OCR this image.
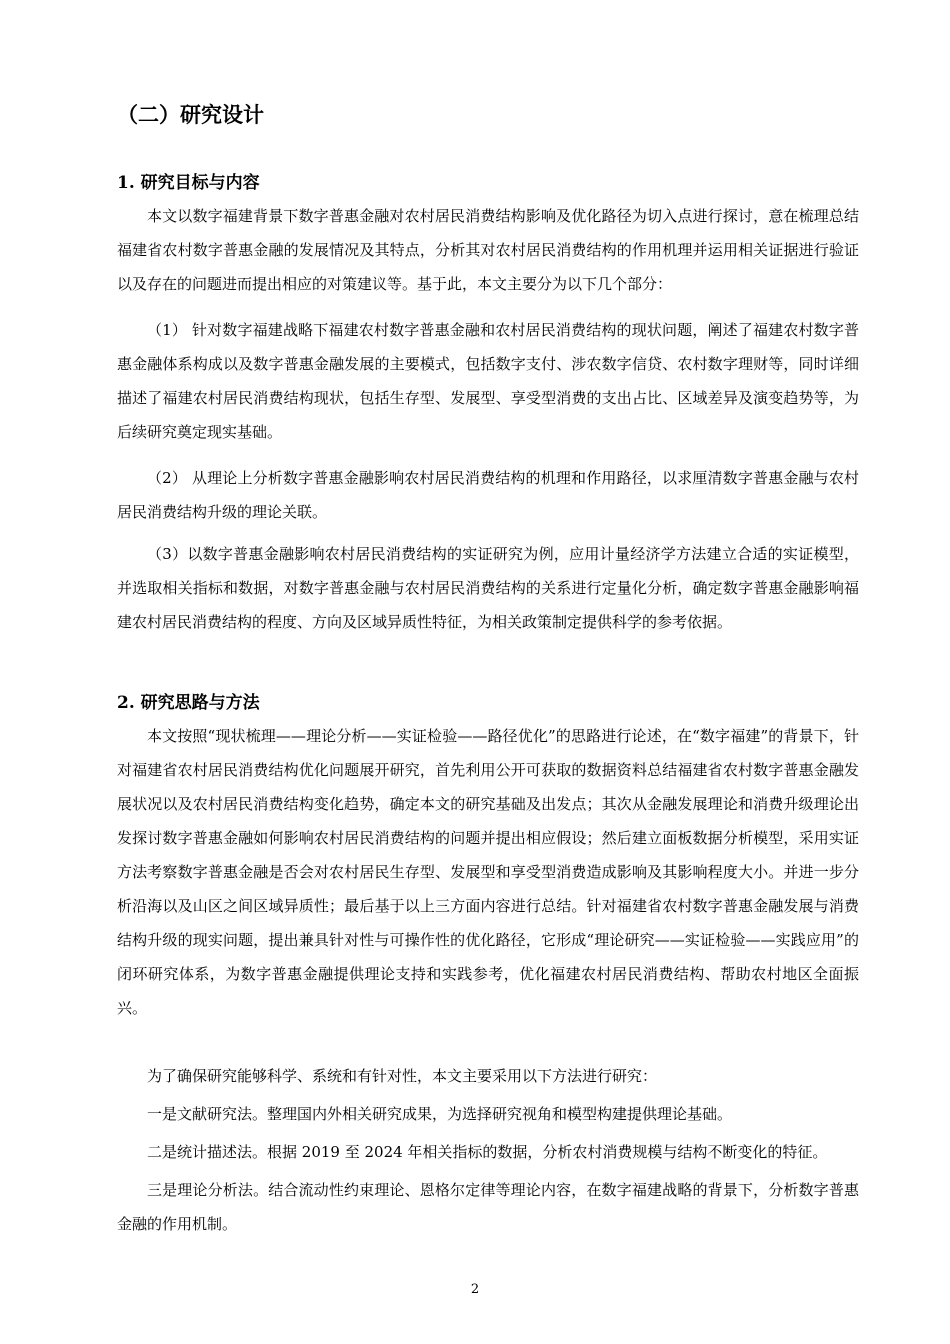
（二）研究设计
1. 研究目标与内容
本文以数字福建背景下数字普惠金融对农村居民消费结构影响及优化路径为切入点进行探讨，意在梳理总结福建省农村数字普惠金融的发展情况及其特点，分析其对农村居民消费结构的作用机理并运用相关证据进行验证以及存在的问题进而提出相应的对策建议等。基于此，本文主要分为以下几个部分：
（1） 针对数字福建战略下福建农村数字普惠金融和农村居民消费结构的现状问题，阐述了福建农村数字普惠金融体系构成以及数字普惠金融发展的主要模式，包括数字支付、涉农数字信贷、农村数字理财等，同时详细描述了福建农村居民消费结构现状，包括生存型、发展型、享受型消费的支出占比、区域差异及演变趋势等，为后续研究奠定现实基础。
（2） 从理论上分析数字普惠金融影响农村居民消费结构的机理和作用路径，以求厘清数字普惠金融与农村居民消费结构升级的理论关联。
（3）以数字普惠金融影响农村居民消费结构的实证研究为例，应用计量经济学方法建立合适的实证模型，并选取相关指标和数据，对数字普惠金融与农村居民消费结构的关系进行定量化分析，确定数字普惠金融影响福建农村居民消费结构的程度、方向及区域异质性特征，为相关政策制定提供科学的参考依据。
2. 研究思路与方法
本文按照“现状梳理——理论分析——实证检验——路径优化”的思路进行论述，在“数字福建”的背景下，针对福建省农村居民消费结构优化问题展开研究，首先利用公开可获取的数据资料总结福建省农村数字普惠金融发展状况以及农村居民消费结构变化趋势，确定本文的研究基础及出发点；其次从金融发展理论和消费升级理论出发探讨数字普惠金融如何影响农村居民消费结构的问题并提出相应假设；然后建立面板数据分析模型，采用实证方法考察数字普惠金融是否会对农村居民生存型、发展型和享受型消费造成影响及其影响程度大小。并进一步分析沿海以及山区之间区域异质性；最后基于以上三方面内容进行总结。针对福建省农村数字普惠金融发展与消费结构升级的现实问题，提出兼具针对性与可操作性的优化路径，它形成“理论研究——实证检验——实践应用”的闭环研究体系，为数字普惠金融提供理论支持和实践参考，优化福建农村居民消费结构、帮助农村地区全面振兴。
为了确保研究能够科学、系统和有针对性，本文主要采用以下方法进行研究：
一是文献研究法。整理国内外相关研究成果，为选择研究视角和模型构建提供理论基础。
二是统计描述法。根据 2019 至 2024 年相关指标的数据，分析农村消费规模与结构不断变化的特征。
三是理论分析法。结合流动性约束理论、恩格尔定律等理论内容，在数字福建战略的背景下，分析数字普惠金融的作用机制。
2
